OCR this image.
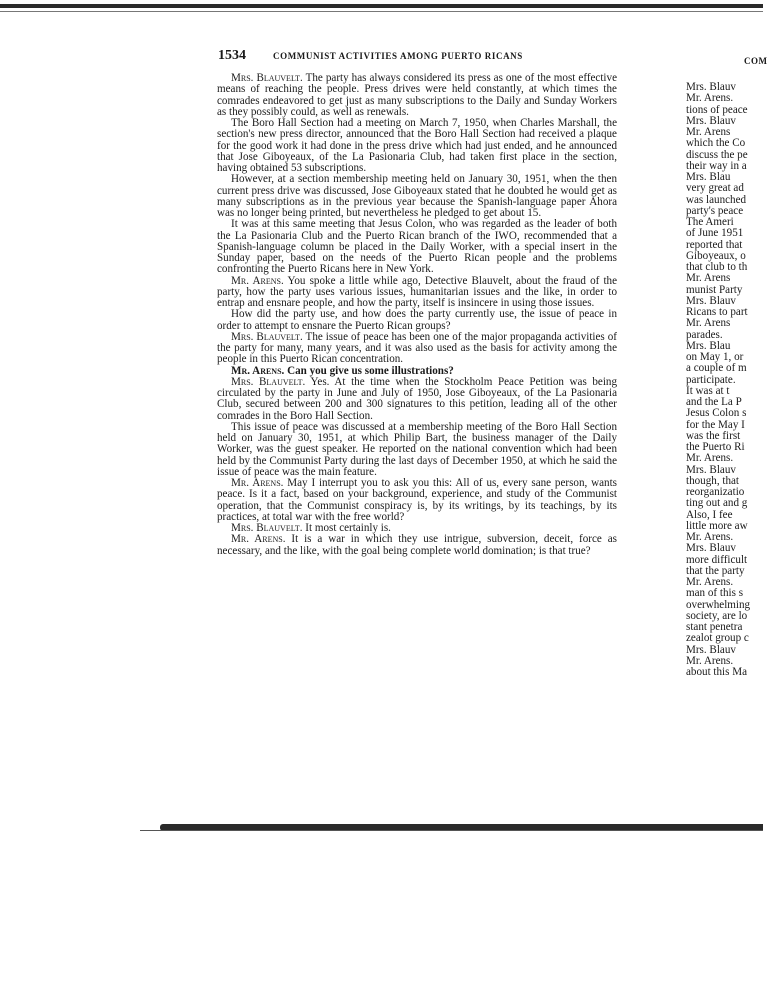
1534	COMMUNIST ACTIVITIES AMONG PUERTO RICANS	COM

Mrs. Blauvelt. The party has always considered its press as one of the most effective means of reaching the people. Press drives were held constantly, at which times the comrades endeavored to get just as many subscriptions to the Daily and Sunday Workers as they possibly could, as well as renewals.

The Boro Hall Section had a meeting on March 7, 1950, when Charles Marshall, the section's new press director, announced that the Boro Hall Section had received a plaque for the good work it had done in the press drive which had just ended, and he announced that Jose Giboyeaux, of the La Pasionaria Club, had taken first place in the section, having obtained 53 subscriptions.

However, at a section membership meeting held on January 30, 1951, when the then current press drive was discussed, Jose Giboyeaux stated that he doubted he would get as many subscriptions as in the previous year because the Spanish-language paper Ahora was no longer being printed, but nevertheless he pledged to get about 15.

It was at this same meeting that Jesus Colon, who was regarded as the leader of both the La Pasionaria Club and the Puerto Rican branch of the IWO, recommended that a Spanish-language column be placed in the Daily Worker, with a special insert in the Sunday paper, based on the needs of the Puerto Rican people and the problems confronting the Puerto Ricans here in New York.

Mr. Arens. You spoke a little while ago, Detective Blauvelt, about the fraud of the party, how the party uses various issues, humanitarian issues and the like, in order to entrap and ensnare people, and how the party, itself is insincere in using those issues.

How did the party use, and how does the party currently use, the issue of peace in order to attempt to ensnare the Puerto Rican groups?

Mrs. Blauvelt. The issue of peace has been one of the major propaganda activities of the party for many, many years, and it was also used as the basis for activity among the people in this Puerto Rican concentration.

Mr. Arens. Can you give us some illustrations?

Mrs. Blauvelt. Yes. At the time when the Stockholm Peace Petition was being circulated by the party in June and July of 1950, Jose Giboyeaux, of the La Pasionaria Club, secured between 200 and 300 signatures to this petition, leading all of the other comrades in the Boro Hall Section.

This issue of peace was discussed at a membership meeting of the Boro Hall Section held on January 30, 1951, at which Philip Bart, the business manager of the Daily Worker, was the guest speaker. He reported on the national convention which had been held by the Communist Party during the last days of December 1950, at which he said the issue of peace was the main feature.

Mr. Arens. May I interrupt you to ask you this: All of us, every sane person, wants peace. Is it a fact, based on your background, experience, and study of the Communist operation, that the Communist conspiracy is, by its writings, by its teachings, by its practices, at total war with the free world?

Mrs. Blauvelt. It most certainly is.

Mr. Arens. It is a war in which they use intrigue, subversion, deceit, force as necessary, and the like, with the goal being complete world domination; is that true?

Mrs. Blauv
Mr. Arens.
tions of peace
Mrs. Blauv
Mr. Arens
which the Co
discuss the pe
their way in a
Mrs. Blau
very great ad
was launched
party's peace
The Ameri
of June 1951
reported that
Giboyeaux, o
that club to th
Mr. Arens
munist Party
Mrs. Blauv
Ricans to part
Mr. Arens
parades.
Mrs. Blau
on May 1, or
a couple of m
participate.
It was at t
and the La P
Jesus Colon s
for the May I
was the first
the Puerto Ri
Mr. Arens.
Mrs. Blauv
though, that
reorganizatio
ting out and g
Also, I fee
little more aw
Mr. Arens.
Mrs. Blauv
more difficult
that the party
Mr. Arens.
man of this s
overwhelming
society, are lo
stant penetra
zealot group c
Mrs. Blauv
Mr. Arens.
about this Ma
